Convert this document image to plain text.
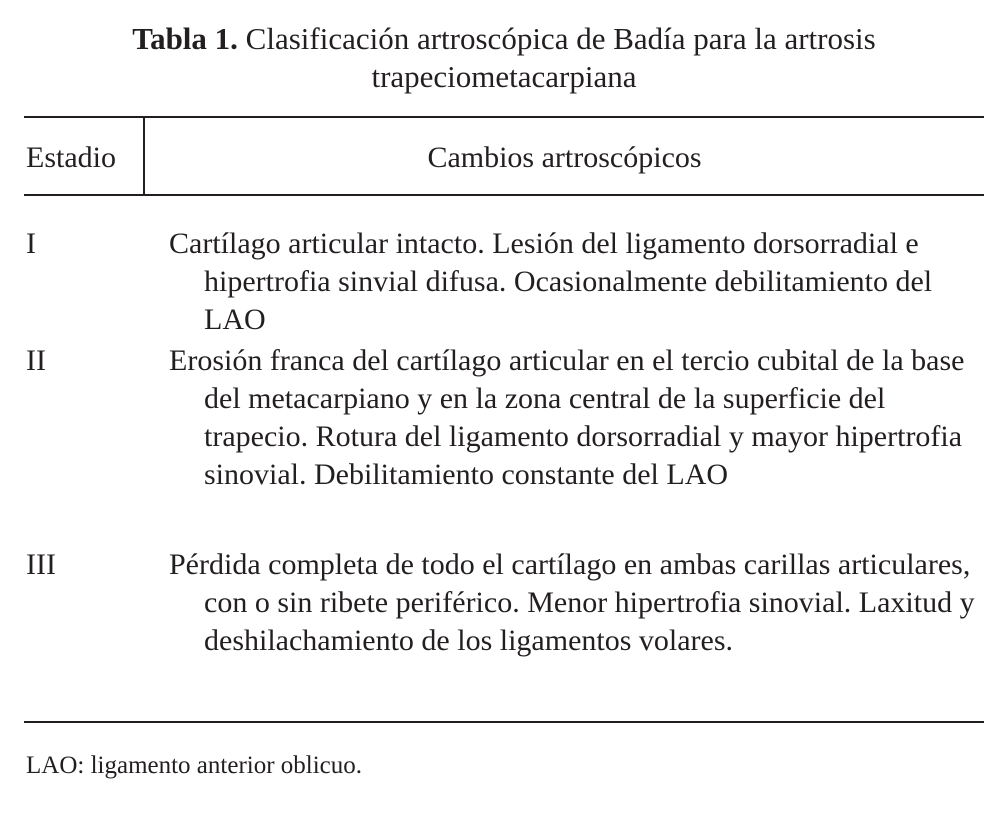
Tabla 1. Clasificación artroscópica de Badía para la artrosis trapeciometacarpiana
Estadio	Cambios artroscópicos
I	Cartílago articular intacto. Lesión del ligamento dorsorradial e hipertrofia sinvial difusa. Ocasionalmente debilitamiento del LAO
II	Erosión franca del cartílago articular en el tercio cubital de la base del metacarpiano y en la zona central de la superficie del trapecio. Rotura del ligamento dorsorradial y mayor hipertrofia sinovial. Debilitamiento constante del LAO
III	Pérdida completa de todo el cartílago en ambas carillas articulares, con o sin ribete periférico. Menor hipertrofia sinovial. Laxitud y deshilachamiento de los ligamentos volares.
LAO: ligamento anterior oblicuo.
